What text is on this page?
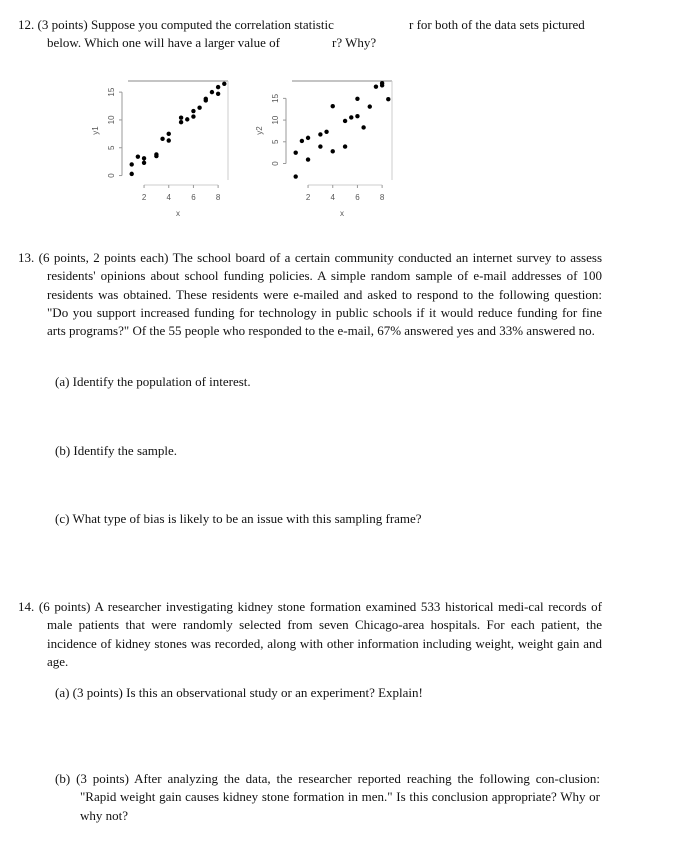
12. (3 points) Suppose you computed the correlation statistic	r for both of the data sets pictured

below. Which one will have a larger value of	r? Why?
2	4	6	8
0
5
10
15
x
y1
2	4	6	8
0
5
10
15
x
y2
13. (6 points, 2 points each) The school board of a certain community conducted an internet survey to assess residents' opinions about school funding policies. A simple random sample of e-mail addresses of 100 residents was obtained. These residents were e-mailed and asked to respond to the following question: "Do you support increased funding for technology in public schools if it would reduce funding for fine arts programs?" Of the 55 people who responded to the e-mail, 67% answered yes and 33% answered no.
(a) Identify the population of interest.
(b) Identify the sample.
(c) What type of bias is likely to be an issue with this sampling frame?
14. (6 points) A researcher investigating kidney stone formation examined 533 historical medi-cal records of male patients that were randomly selected from seven Chicago-area hospitals. For each patient, the incidence of kidney stones was recorded, along with other information including weight, weight gain and age.
(a) (3 points) Is this an observational study or an experiment? Explain!
(b) (3 points) After analyzing the data, the researcher reported reaching the following con-clusion: "Rapid weight gain causes kidney stone formation in men." Is this conclusion appropriate? Why or why not?
